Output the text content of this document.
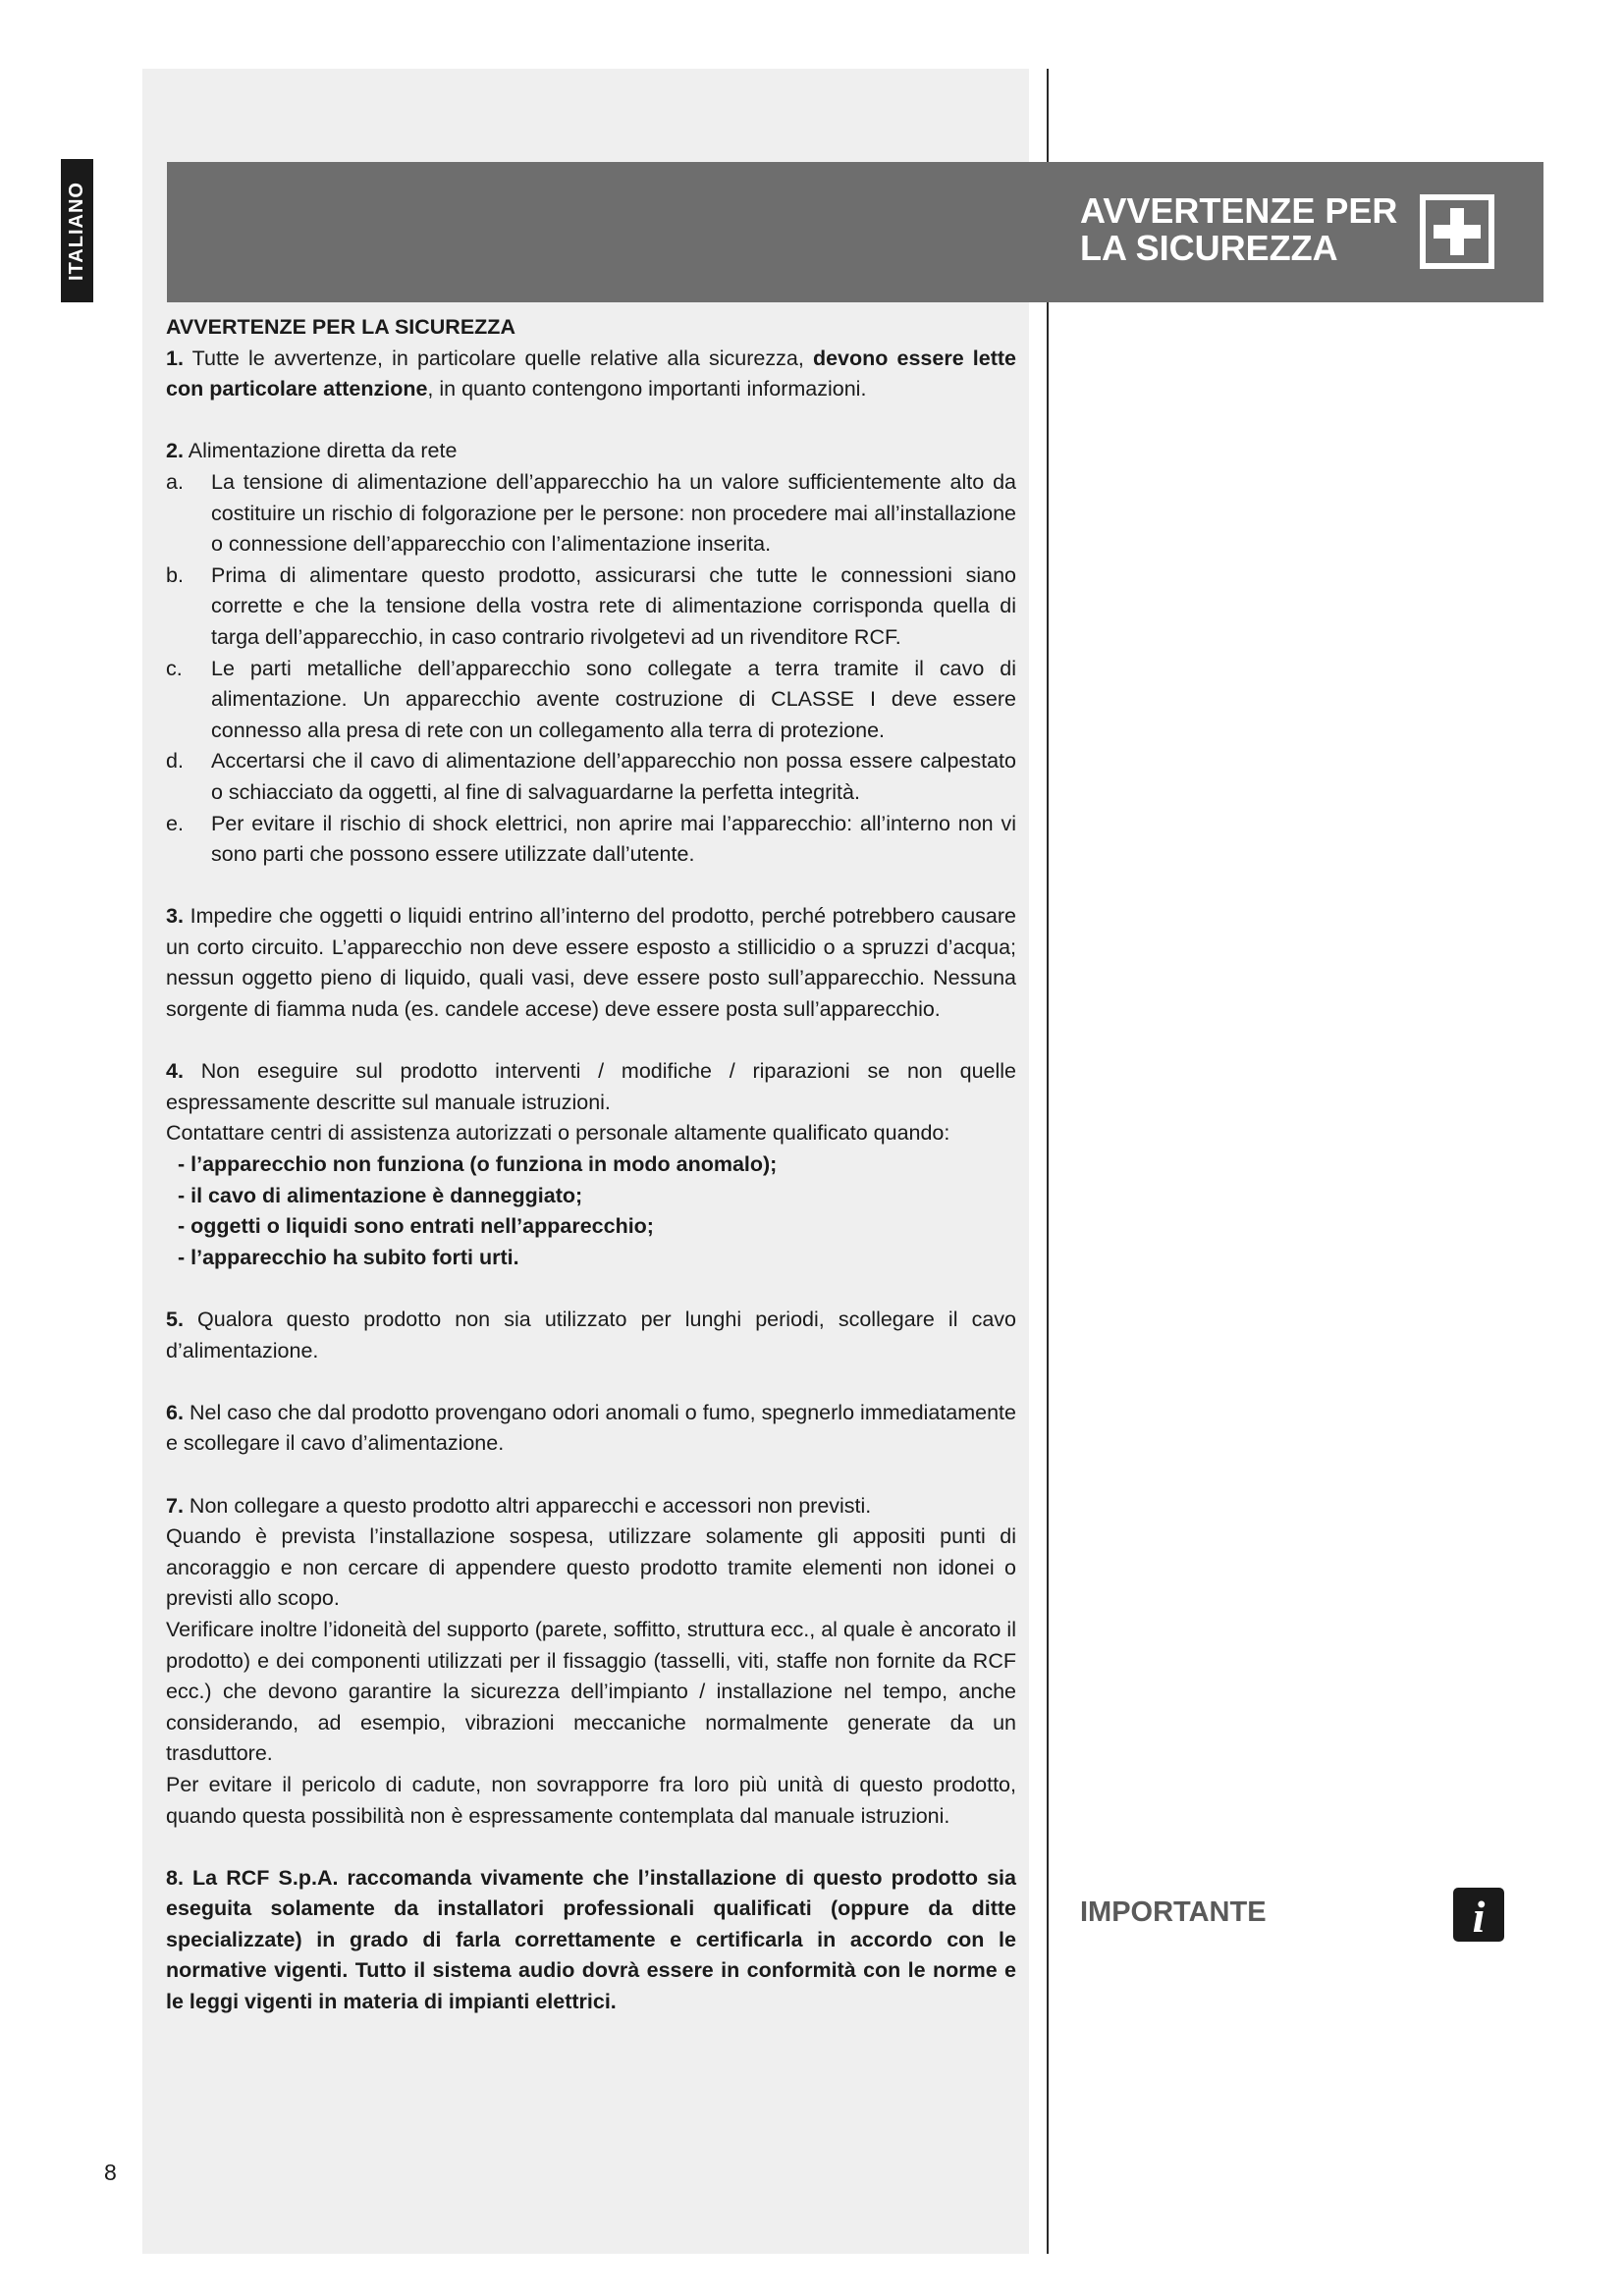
ITALIANO	AVVERTENZE PER
LA SICUREZZA

AVVERTENZE PER LA SICUREZZA

1. Tutte le avvertenze, in particolare quelle relative alla sicurezza, devono essere lette con particolare attenzione, in quanto contengono importanti informazioni.

2. Alimentazione diretta da rete

a.	La tensione di alimentazione dell’apparecchio ha un valore sufficientemente alto da costituire un rischio di folgorazione per le persone: non procedere mai all’installazione o connessione dell’apparecchio con l’alimentazione inserita.
b.	Prima di alimentare questo prodotto, assicurarsi che tutte le connessioni siano corrette e che la tensione della vostra rete di alimentazione corrisponda quella di targa dell’apparecchio, in caso contrario rivolgetevi ad un rivenditore RCF.
c.	Le parti metalliche dell’apparecchio sono collegate a terra tramite il cavo di alimentazione. Un apparecchio avente costruzione di CLASSE I deve essere connesso alla presa di rete con un collegamento alla terra di protezione.
d.	Accertarsi che il cavo di alimentazione dell’apparecchio non possa essere calpestato o schiacciato da oggetti, al fine di salvaguardarne la perfetta integrità.
e.	Per evitare il rischio di shock elettrici, non aprire mai l’apparecchio: all’interno non vi sono parti che possono essere utilizzate dall’utente.

3. Impedire che oggetti o liquidi entrino all’interno del prodotto, perché potrebbero causare un corto circuito. L’apparecchio non deve essere esposto a stillicidio o a spruzzi d’acqua; nessun oggetto pieno di liquido, quali vasi, deve essere posto sull’apparecchio. Nessuna sorgente di fiamma nuda (es. candele accese) deve essere posta sull’apparecchio.

4. Non eseguire sul prodotto interventi / modifiche / riparazioni se non quelle espressamente descritte sul manuale istruzioni.

Contattare centri di assistenza autorizzati o personale altamente qualificato quando:

- l’apparecchio non funziona (o funziona in modo anomalo);

- il cavo di alimentazione è danneggiato;

- oggetti o liquidi sono entrati nell’apparecchio;

- l’apparecchio ha subito forti urti.

5. Qualora questo prodotto non sia utilizzato per lunghi periodi, scollegare il cavo d’alimentazione.

6. Nel caso che dal prodotto provengano odori anomali o fumo, spegnerlo immediatamente e scollegare il cavo d’alimentazione.

7. Non collegare a questo prodotto altri apparecchi e accessori non previsti.

Quando è prevista l’installazione sospesa, utilizzare solamente gli appositi punti di ancoraggio e non cercare di appendere questo prodotto tramite elementi non idonei o previsti allo scopo.

Verificare inoltre l’idoneità del supporto (parete, soffitto, struttura ecc., al quale è ancorato il prodotto) e dei componenti utilizzati per il fissaggio (tasselli, viti, staffe non fornite da RCF ecc.) che devono garantire la sicurezza dell’impianto / installazione nel tempo, anche considerando, ad esempio, vibrazioni meccaniche normalmente generate da un trasduttore.

Per evitare il pericolo di cadute, non sovrapporre fra loro più unità di questo prodotto, quando questa possibilità non è espressamente contemplata dal manuale istruzioni.

8. La RCF S.p.A. raccomanda vivamente che l’installazione di questo prodotto sia eseguita solamente da installatori professionali qualificati (oppure da ditte specializzate) in grado di farla correttamente e certificarla in accordo con le normative vigenti. Tutto il sistema audio dovrà essere in conformità con le norme e le leggi vigenti in materia di impianti elettrici.

IMPORTANTE	i
8
